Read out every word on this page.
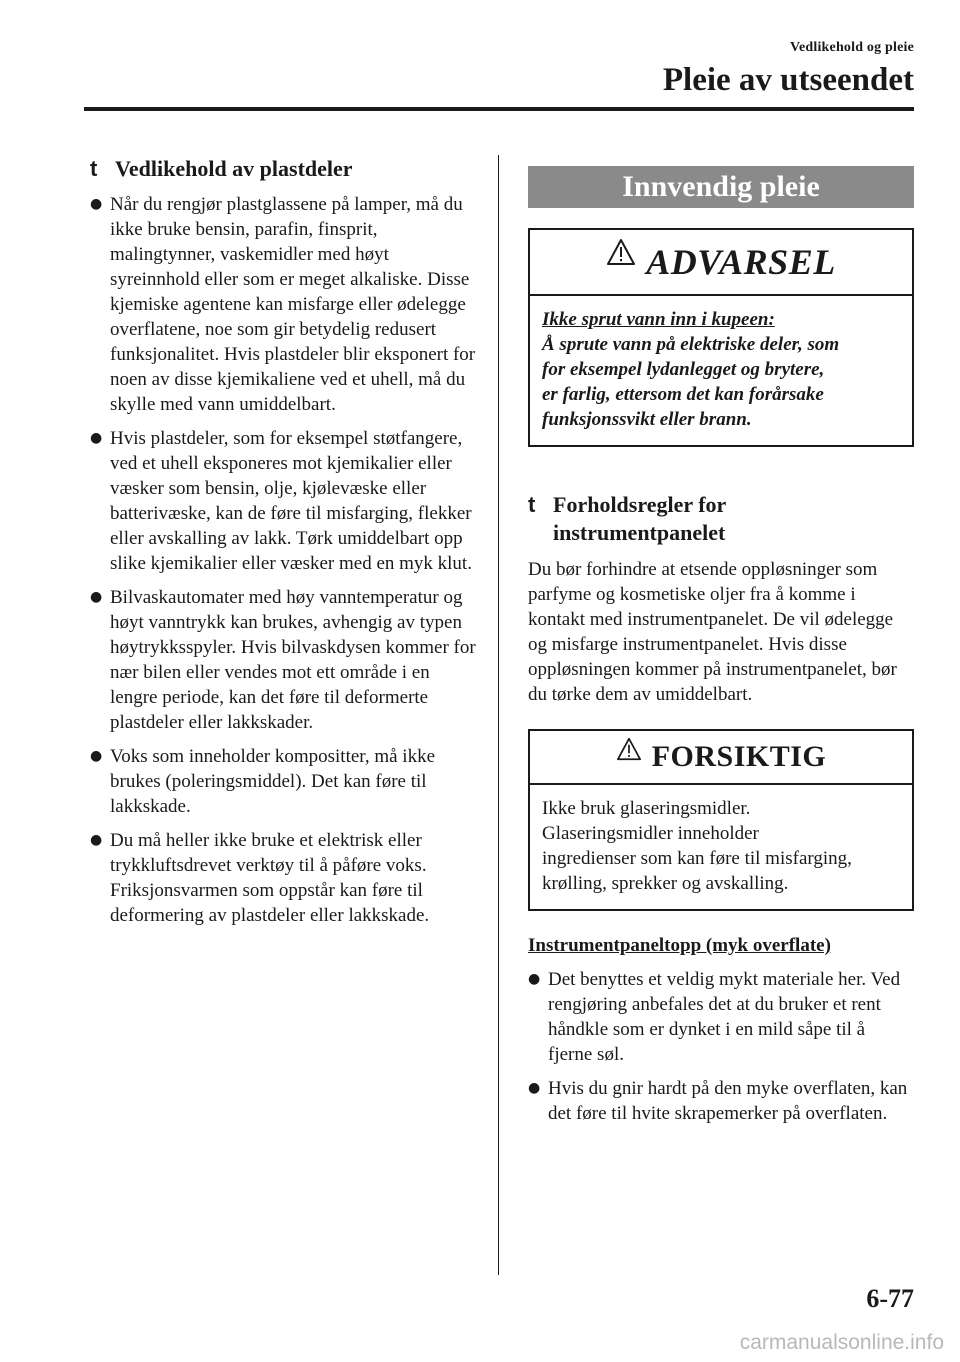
Vedlikehold og pleie
Pleie av utseendet
t Vedlikehold av plastdeler
● Når du rengjør plastglassene på lamper, må du ikke bruke bensin, parafin, finsprit, malingtynner, vaskemidler med høyt syreinnhold eller som er meget alkaliske. Disse kjemiske agentene kan misfarge eller ødelegge overflatene, noe som gir betydelig redusert funksjonalitet. Hvis plastdeler blir eksponert for noen av disse kjemikaliene ved et uhell, må du skylle med vann umiddelbart.
● Hvis plastdeler, som for eksempel støtfangere, ved et uhell eksponeres mot kjemikalier eller væsker som bensin, olje, kjølevæske eller batterivæske, kan de føre til misfarging, flekker eller avskalling av lakk. Tørk umiddelbart opp slike kjemikalier eller væsker med en myk klut.
● Bilvaskautomater med høy vanntemperatur og høyt vanntrykk kan brukes, avhengig av typen høytrykksspyler. Hvis bilvaskdysen kommer for nær bilen eller vendes mot ett område i en lengre periode, kan det føre til deformerte plastdeler eller lakkskader.
● Voks som inneholder kompositter, må ikke brukes (poleringsmiddel). Det kan føre til lakkskade.
● Du må heller ikke bruke et elektrisk eller trykkluftsdrevet verktøy til å påføre voks. Friksjonsvarmen som oppstår kan føre til deformering av plastdeler eller lakkskade.
Innvendig pleie
ADVARSEL
Ikke sprut vann inn i kupeen:
Å sprute vann på elektriske deler, som
for eksempel lydanlegget og brytere,
er farlig, ettersom det kan forårsake
funksjonssvikt eller brann.
t Forholdsregler for
instrumentpanelet
Du bør forhindre at etsende oppløsninger som parfyme og kosmetiske oljer fra å komme i kontakt med instrumentpanelet. De vil ødelegge og misfarge instrumentpanelet. Hvis disse oppløsningen kommer på instrumentpanelet, bør du tørke dem av umiddelbart.
FORSIKTIG
Ikke bruk glaseringsmidler.
Glaseringsmidler inneholder
ingredienser som kan føre til misfarging,
krølling, sprekker og avskalling.
Instrumentpaneltopp (myk overflate)
● Det benyttes et veldig mykt materiale her. Ved rengjøring anbefales det at du bruker et rent håndkle som er dynket i en mild såpe til å fjerne søl.
● Hvis du gnir hardt på den myke overflaten, kan det føre til hvite skrapemerker på overflaten.
6-77
carmanualsonline.info
